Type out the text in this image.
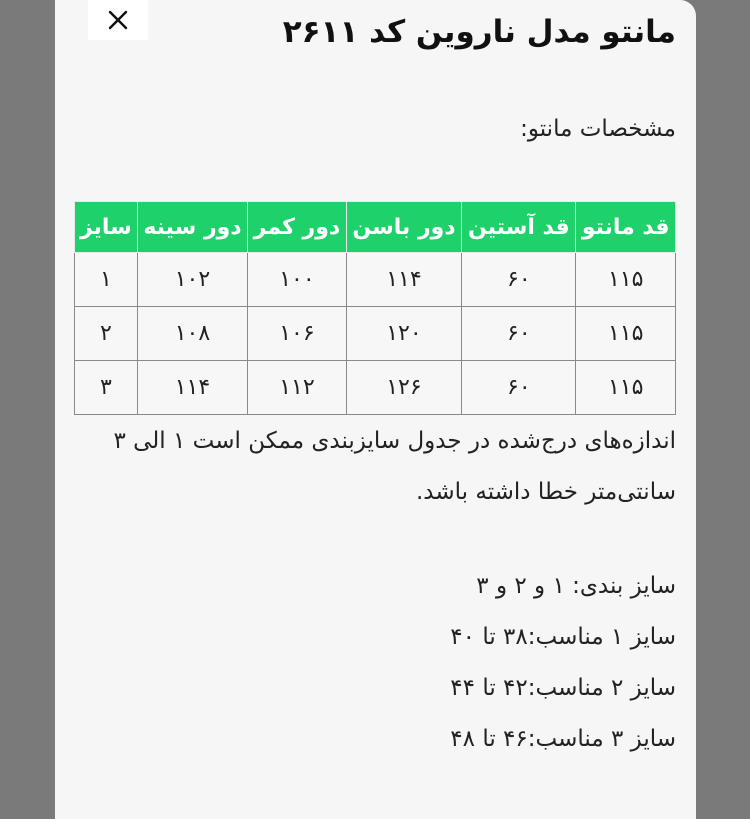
مانتو مدل ناروین کد ۲۶۱۱
مشخصات مانتو:
قد مانتو	قد آستین	دور باسن	دور کمر	دور سینه	سایز
۱۱۵	۶۰	۱۱۴	۱۰۰	۱۰۲	۱
۱۱۵	۶۰	۱۲۰	۱۰۶	۱۰۸	۲
۱۱۵	۶۰	۱۲۶	۱۱۲	۱۱۴	۳

اندازه‌های درج‌شده در جدول سایزبندی ممکن است ۱ الی ۳ سانتی‌متر خطا داشته باشد.

سایز بندی: ۱ و ۲ و ۳
سایز ۱ مناسب:۳۸ تا ۴۰
سایز ۲ مناسب:۴۲ تا ۴۴
سایز ۳ مناسب:۴۶ تا ۴۸
